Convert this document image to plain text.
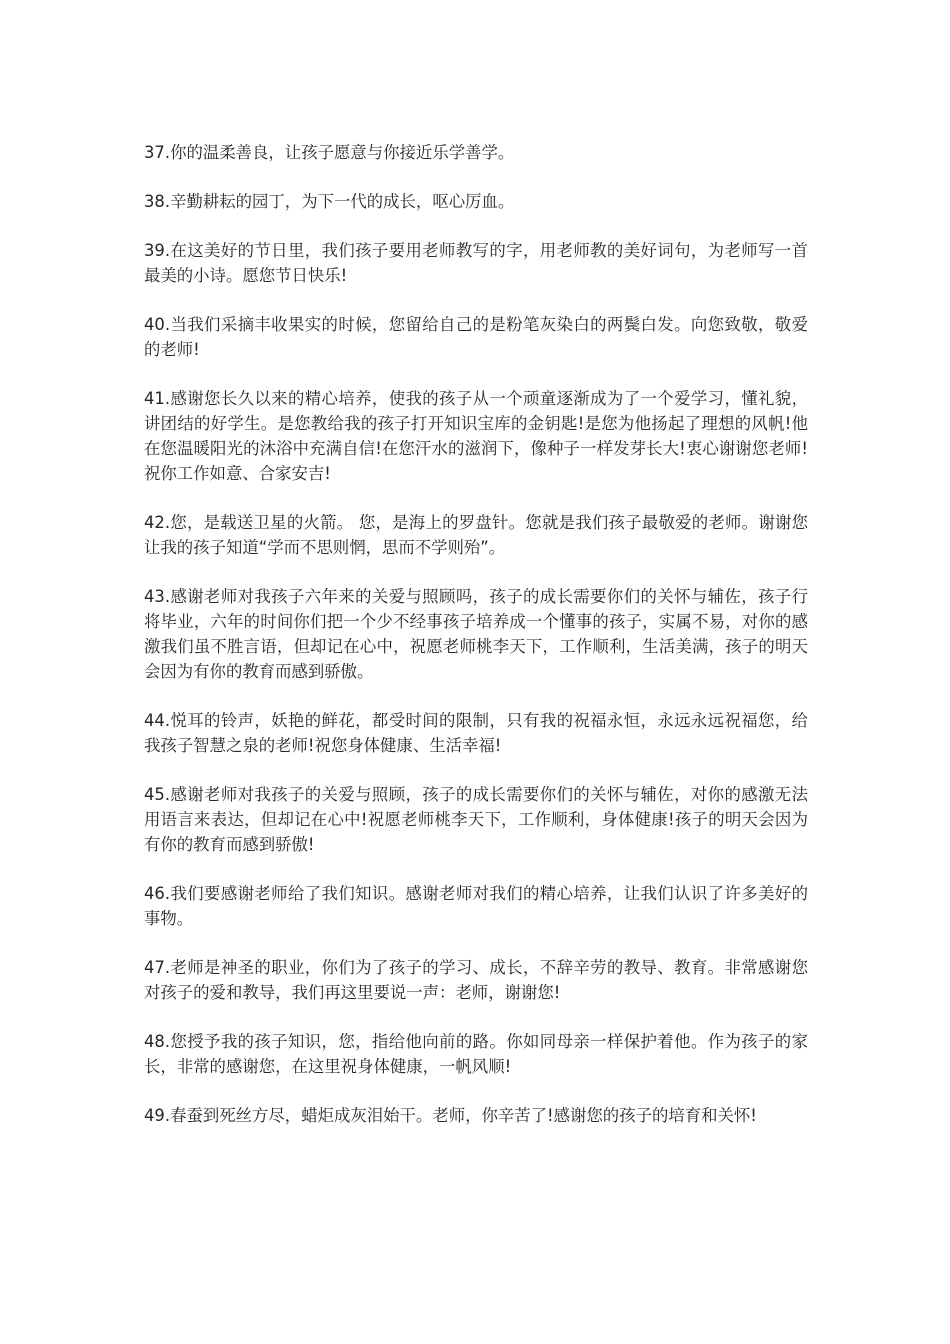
37.你的温柔善良，让孩子愿意与你接近乐学善学。

38.辛勤耕耘的园丁，为下一代的成长，呕心厉血。

39.在这美好的节日里，我们孩子要用老师教写的字，用老师教的美好词句，为老师写一首最美的小诗。愿您节日快乐!

40.当我们采摘丰收果实的时候，您留给自己的是粉笔灰染白的两鬓白发。向您致敬，敬爱的老师!

41.感谢您长久以来的精心培养，使我的孩子从一个顽童逐渐成为了一个爱学习，懂礼貌，讲团结的好学生。是您教给我的孩子打开知识宝库的金钥匙!是您为他扬起了理想的风帆!他在您温暖阳光的沐浴中充满自信!在您汗水的滋润下，像种子一样发芽长大!衷心谢谢您老师!祝你工作如意、合家安吉!

42.您，是载送卫星的火箭。 您，是海上的罗盘针。您就是我们孩子最敬爱的老师。谢谢您让我的孩子知道“学而不思则惘，思而不学则殆”。

43.感谢老师对我孩子六年来的关爱与照顾吗，孩子的成长需要你们的关怀与辅佐，孩子行将毕业，六年的时间你们把一个少不经事孩子培养成一个懂事的孩子，实属不易，对你的感激我们虽不胜言语，但却记在心中，祝愿老师桃李天下，工作顺利，生活美满，孩子的明天会因为有你的教育而感到骄傲。

44.悦耳的铃声，妖艳的鲜花，都受时间的限制，只有我的祝福永恒，永远永远祝福您，给我孩子智慧之泉的老师!祝您身体健康、生活幸福!

45.感谢老师对我孩子的关爱与照顾，孩子的成长需要你们的关怀与辅佐，对你的感激无法用语言来表达，但却记在心中!祝愿老师桃李天下，工作顺利，身体健康!孩子的明天会因为有你的教育而感到骄傲!

46.我们要感谢老师给了我们知识。感谢老师对我们的精心培养，让我们认识了许多美好的事物。

47.老师是神圣的职业，你们为了孩子的学习、成长，不辞辛劳的教导、教育。非常感谢您对孩子的爱和教导，我们再这里要说一声：老师，谢谢您!

48.您授予我的孩子知识，您，指给他向前的路。你如同母亲一样保护着他。作为孩子的家长，非常的感谢您，在这里祝身体健康，一帆风顺!

49.春蚕到死丝方尽，蜡炬成灰泪始干。老师，你辛苦了!感谢您的孩子的培育和关怀!
